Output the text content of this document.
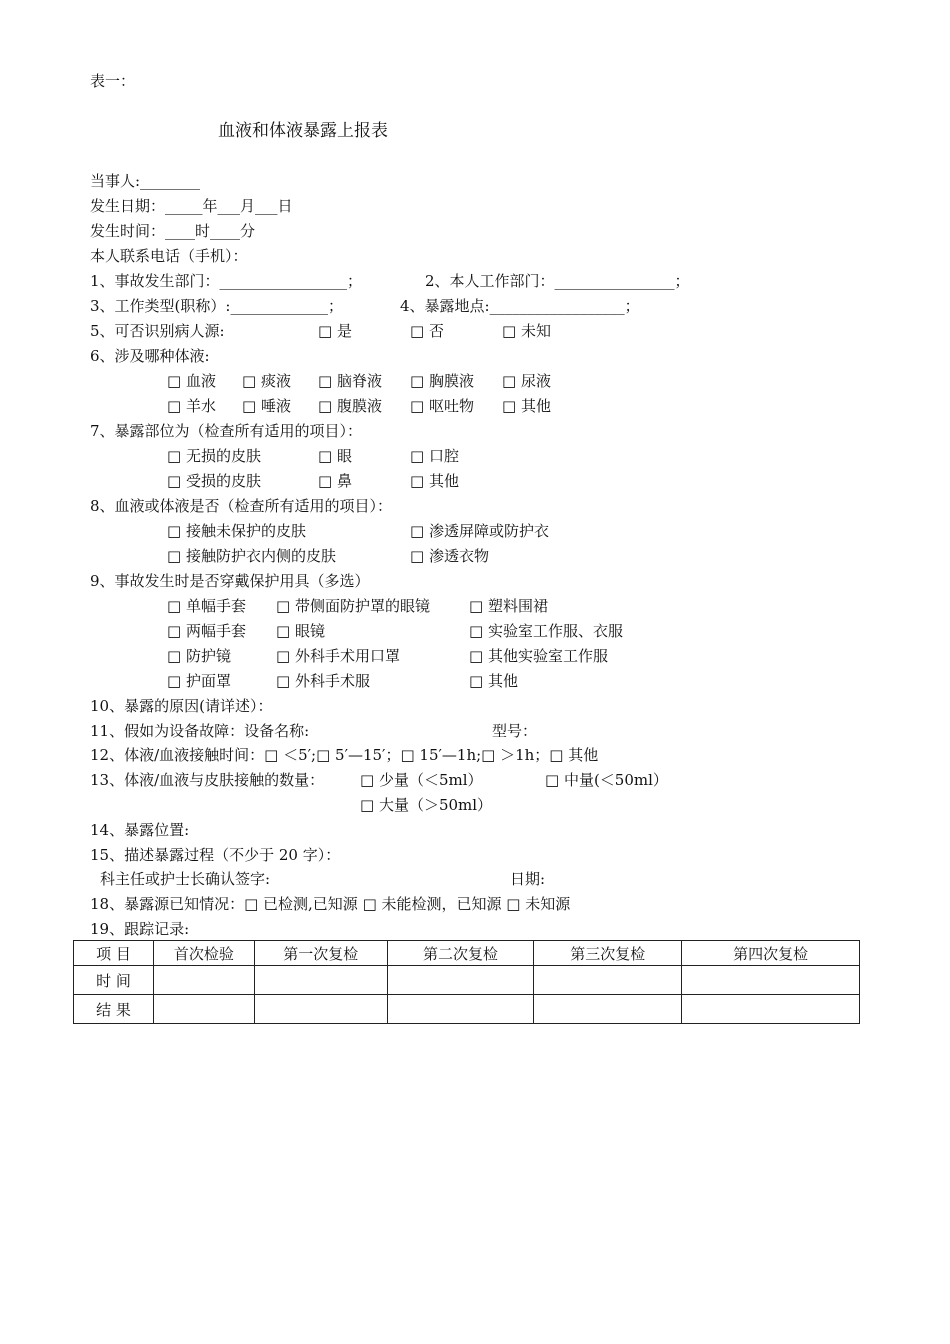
表一：
血液和体液暴露上报表
当事人:________
发生日期：_____年___月___日
发生时间：____时____分
本人联系电话（手机）：
1、事故发生部门：_________________；	2、本人工作部门：________________；
3、工作类型(职称）:_____________；	4、暴露地点:__________________；
5、可否识别病人源:	□ 是	□ 否	□ 未知
6、涉及哪种体液:
□ 血液 □ 痰液 □ 脑脊液 □ 胸膜液 □ 尿液
□ 羊水 □ 唾液 □ 腹膜液 □ 呕吐物 □ 其他
7、暴露部位为（检查所有适用的项目）：
□ 无损的皮肤	□ 眼	□ 口腔
□ 受损的皮肤	□ 鼻	□ 其他
8、血液或体液是否（检查所有适用的项目）：
□ 接触未保护的皮肤	□ 渗透屏障或防护衣
□ 接触防护衣内侧的皮肤	□ 渗透衣物
9、事故发生时是否穿戴保护用具（多选）
□ 单幅手套 □ 带侧面防护罩的眼镜	□ 塑料围裙
□ 两幅手套 □ 眼镜	□ 实验室工作服、衣服
□ 防护镜	□ 外科手术用口罩	□ 其他实验室工作服
□ 护面罩	□ 外科手术服	□ 其他
10、暴露的原因(请详述）：
11、假如为设备故障：设备名称:	型号：
12、体液/血液接触时间：□ ＜5′;□ 5′—15′；□ 15′—1h;□ ＞1h；□ 其他
13、体液/血液与皮肤接触的数量： □ 少量（＜5ml）	□ 中量(＜50ml）
□ 大量（＞50ml）
14、暴露位置:
15、描述暴露过程（不少于 20 字）：
科主任或护士长确认签字:	日期:
18、暴露源已知情况：□ 已检测,已知源 □ 未能检测，已知源 □ 未知源
19、跟踪记录:
项 目	首次检验	第一次复检	第二次复检	第三次复检	第四次复检
时 间					
结 果					
